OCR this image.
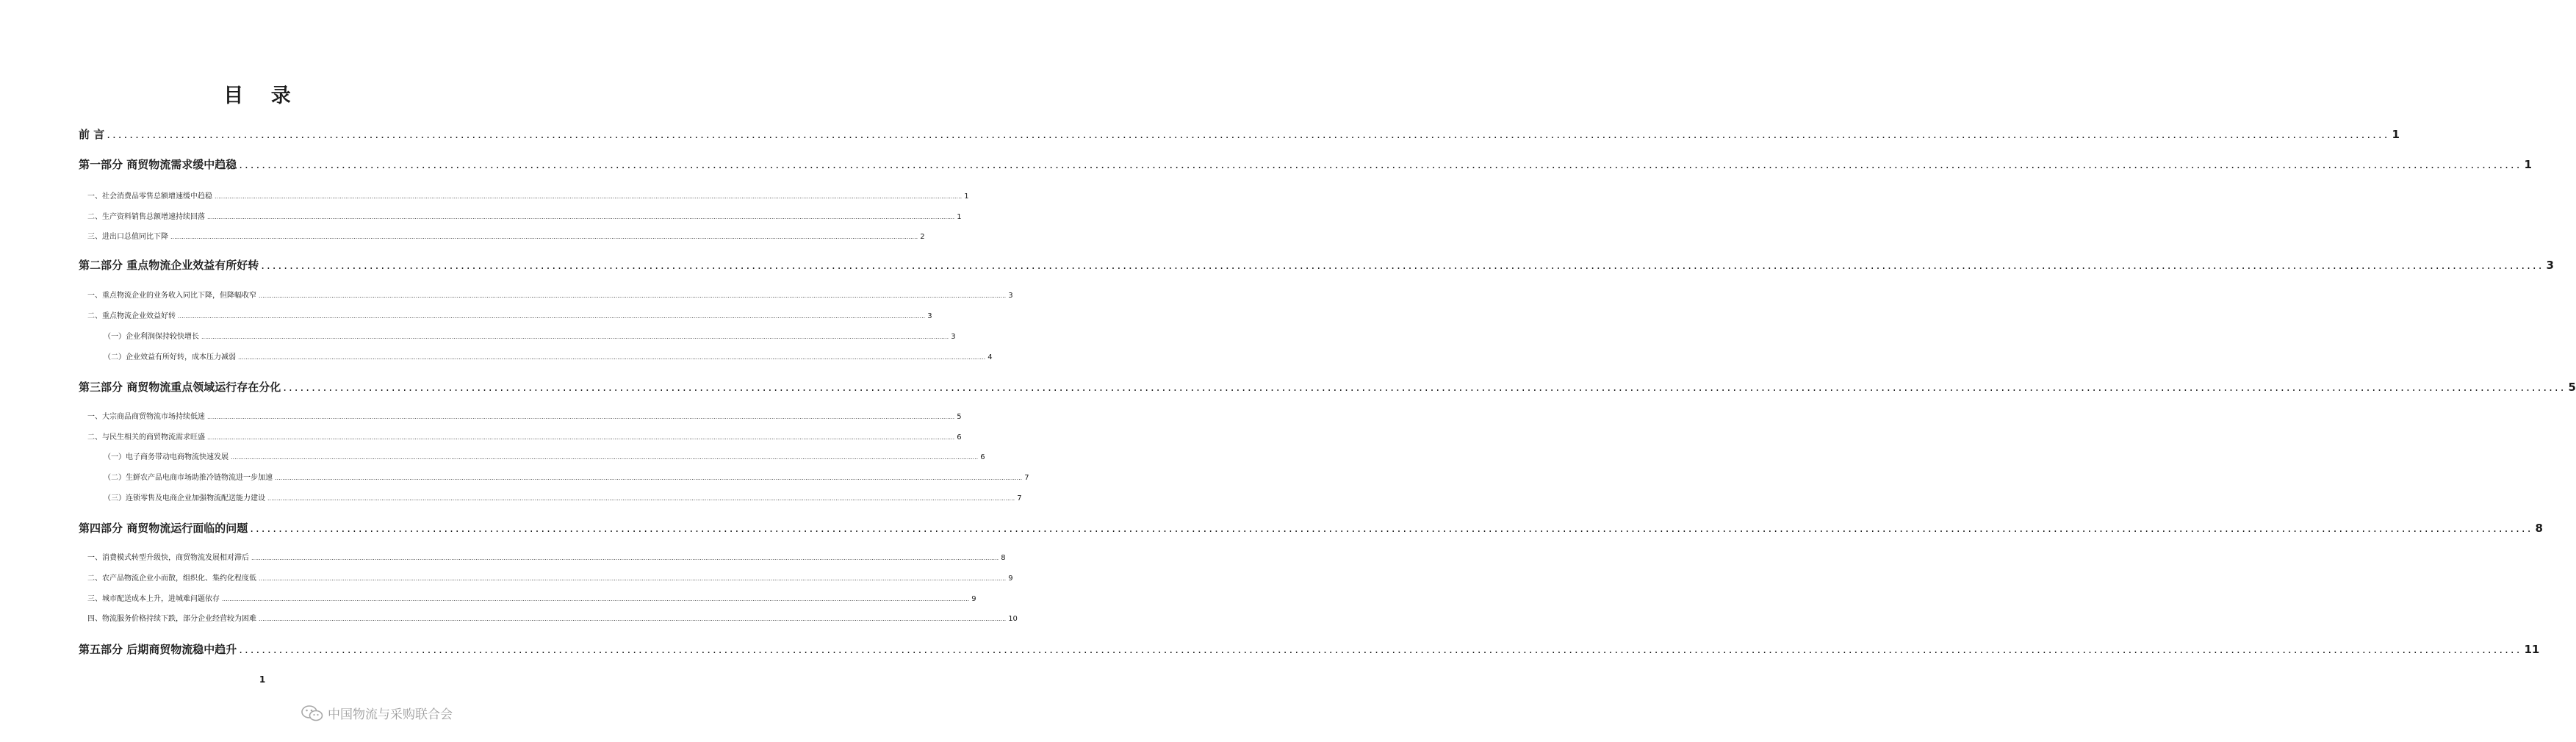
目 录
前 言 ................................................................................................................................................................................................................................................................................................................................................................................................................ 1
第一部分 商贸物流需求缓中趋稳 ................................................................................................................................................................................................................................................................................................................................................................................................................ 1
一、社会消费品零售总额增速缓中趋稳 ................................................................................................................................................................................................................................................................................................................................................................................................................ 1
二、生产资料销售总额增速持续回落 ................................................................................................................................................................................................................................................................................................................................................................................................................ 1
三、进出口总值同比下降 ................................................................................................................................................................................................................................................................................................................................................................................................................ 2
第二部分 重点物流企业效益有所好转 ................................................................................................................................................................................................................................................................................................................................................................................................................ 3
一、重点物流企业的业务收入同比下降，但降幅收窄 ................................................................................................................................................................................................................................................................................................................................................................................................................ 3
二、重点物流企业效益好转 ................................................................................................................................................................................................................................................................................................................................................................................................................ 3
（一）企业利润保持较快增长 ................................................................................................................................................................................................................................................................................................................................................................................................................ 3
（二）企业效益有所好转，成本压力减弱 ................................................................................................................................................................................................................................................................................................................................................................................................................ 4
第三部分 商贸物流重点领域运行存在分化 ................................................................................................................................................................................................................................................................................................................................................................................................................ 5
一、大宗商品商贸物流市场持续低迷 ................................................................................................................................................................................................................................................................................................................................................................................................................ 5
二、与民生相关的商贸物流需求旺盛 ................................................................................................................................................................................................................................................................................................................................................................................................................ 6
（一）电子商务带动电商物流快速发展 ................................................................................................................................................................................................................................................................................................................................................................................................................ 6
（二）生鲜农产品电商市场助推冷链物流进一步加速 ................................................................................................................................................................................................................................................................................................................................................................................................................ 7
（三）连锁零售及电商企业加强物流配送能力建设 ................................................................................................................................................................................................................................................................................................................................................................................................................ 7
第四部分 商贸物流运行面临的问题 ................................................................................................................................................................................................................................................................................................................................................................................................................ 8
一、消费模式转型升级快，商贸物流发展相对滞后 ................................................................................................................................................................................................................................................................................................................................................................................................................ 8
二、农产品物流企业小而散，组织化、集约化程度低 ................................................................................................................................................................................................................................................................................................................................................................................................................ 9
三、城市配送成本上升，进城难问题依存 ................................................................................................................................................................................................................................................................................................................................................................................................................ 9
四、物流服务价格持续下跌，部分企业经营较为困难 ................................................................................................................................................................................................................................................................................................................................................................................................................ 10
第五部分 后期商贸物流稳中趋升 ................................................................................................................................................................................................................................................................................................................................................................................................................ 11
1
中国物流与采购联合会
